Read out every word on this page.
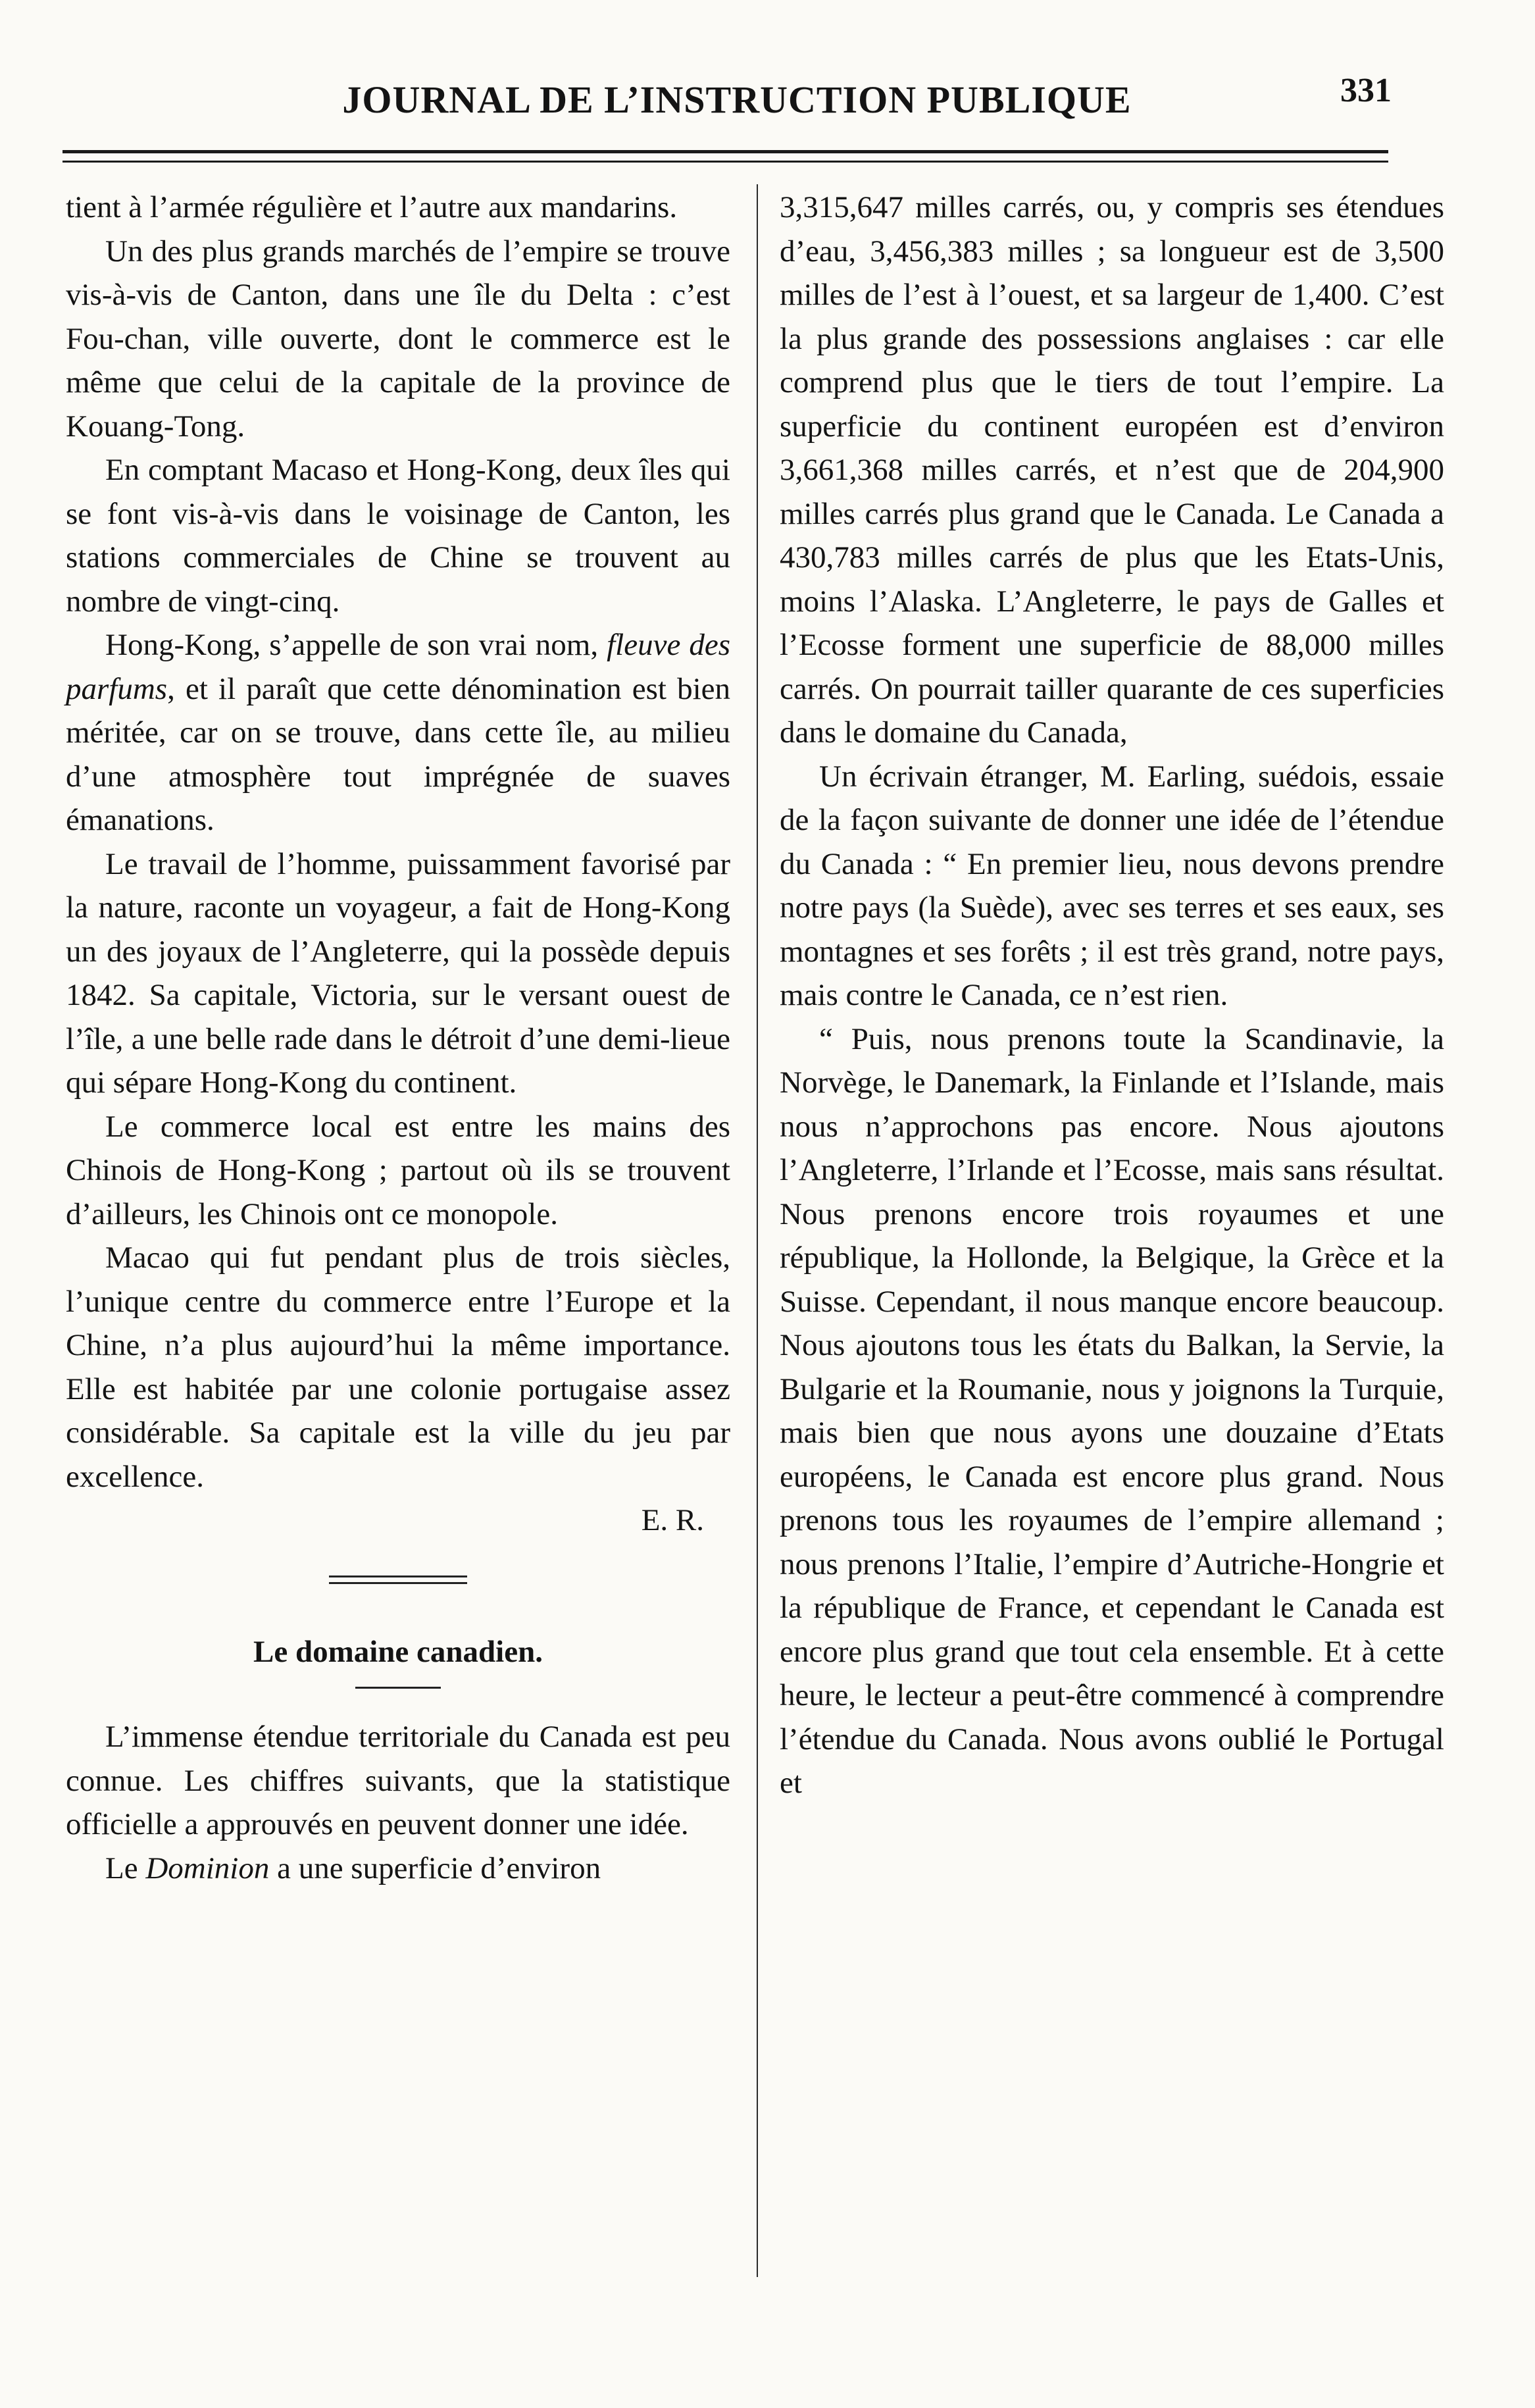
JOURNAL DE L’INSTRUCTION PUBLIQUE	331

tient à l’armée régulière et l’autre aux mandarins.

Un des plus grands marchés de l’empire se trouve vis-à-vis de Canton, dans une île du Delta : c’est Fou-chan, ville ouverte, dont le commerce est le même que celui de la capitale de la province de Kouang-Tong.

En comptant Macaso et Hong-Kong, deux îles qui se font vis-à-vis dans le voisinage de Canton, les stations commerciales de Chine se trouvent au nombre de vingt-cinq.

Hong-Kong, s’appelle de son vrai nom, fleuve des parfums, et il paraît que cette dénomination est bien méritée, car on se trouve, dans cette île, au milieu d’une atmosphère tout imprégnée de suaves émanations.

Le travail de l’homme, puissamment favorisé par la nature, raconte un voyageur, a fait de Hong-Kong un des joyaux de l’Angleterre, qui la possède depuis 1842. Sa capitale, Victoria, sur le versant ouest de l’île, a une belle rade dans le détroit d’une demi-lieue qui sépare Hong-Kong du continent.

Le commerce local est entre les mains des Chinois de Hong-Kong ; partout où ils se trouvent d’ailleurs, les Chinois ont ce monopole.

Macao qui fut pendant plus de trois siècles, l’unique centre du commerce entre l’Europe et la Chine, n’a plus aujourd’hui la même importance. Elle est habitée par une colonie portugaise assez considérable. Sa capitale est la ville du jeu par excellence.

E. R.

Le domaine canadien.

L’immense étendue territoriale du Canada est peu connue. Les chiffres suivants, que la statistique officielle a approuvés en peuvent donner une idée.

Le Dominion a une superficie d’environ

3,315,647 milles carrés, ou, y compris ses étendues d’eau, 3,456,383 milles ; sa longueur est de 3,500 milles de l’est à l’ouest, et sa largeur de 1,400. C’est la plus grande des possessions anglaises : car elle comprend plus que le tiers de tout l’empire. La superficie du continent européen est d’environ 3,661,368 milles carrés, et n’est que de 204,900 milles carrés plus grand que le Canada. Le Canada a 430,783 milles carrés de plus que les Etats-Unis, moins l’Alaska. L’Angleterre, le pays de Galles et l’Ecosse forment une superficie de 88,000 milles carrés. On pourrait tailler quarante de ces superficies dans le domaine du Canada,

Un écrivain étranger, M. Earling, suédois, essaie de la façon suivante de donner une idée de l’étendue du Canada : “ En premier lieu, nous devons prendre notre pays (la Suède), avec ses terres et ses eaux, ses montagnes et ses forêts ; il est très grand, notre pays, mais contre le Canada, ce n’est rien.

“ Puis, nous prenons toute la Scandinavie, la Norvège, le Danemark, la Finlande et l’Islande, mais nous n’approchons pas encore. Nous ajoutons l’Angleterre, l’Irlande et l’Ecosse, mais sans résultat. Nous prenons encore trois royaumes et une république, la Hollonde, la Belgique, la Grèce et la Suisse. Cependant, il nous manque encore beaucoup. Nous ajoutons tous les états du Balkan, la Servie, la Bulgarie et la Roumanie, nous y joignons la Turquie, mais bien que nous ayons une douzaine d’Etats européens, le Canada est encore plus grand. Nous prenons tous les royaumes de l’empire allemand ; nous prenons l’Italie, l’empire d’Autriche-Hongrie et la république de France, et cependant le Canada est encore plus grand que tout cela ensemble. Et à cette heure, le lecteur a peut-être commencé à comprendre l’étendue du Canada. Nous avons oublié le Portugal et
